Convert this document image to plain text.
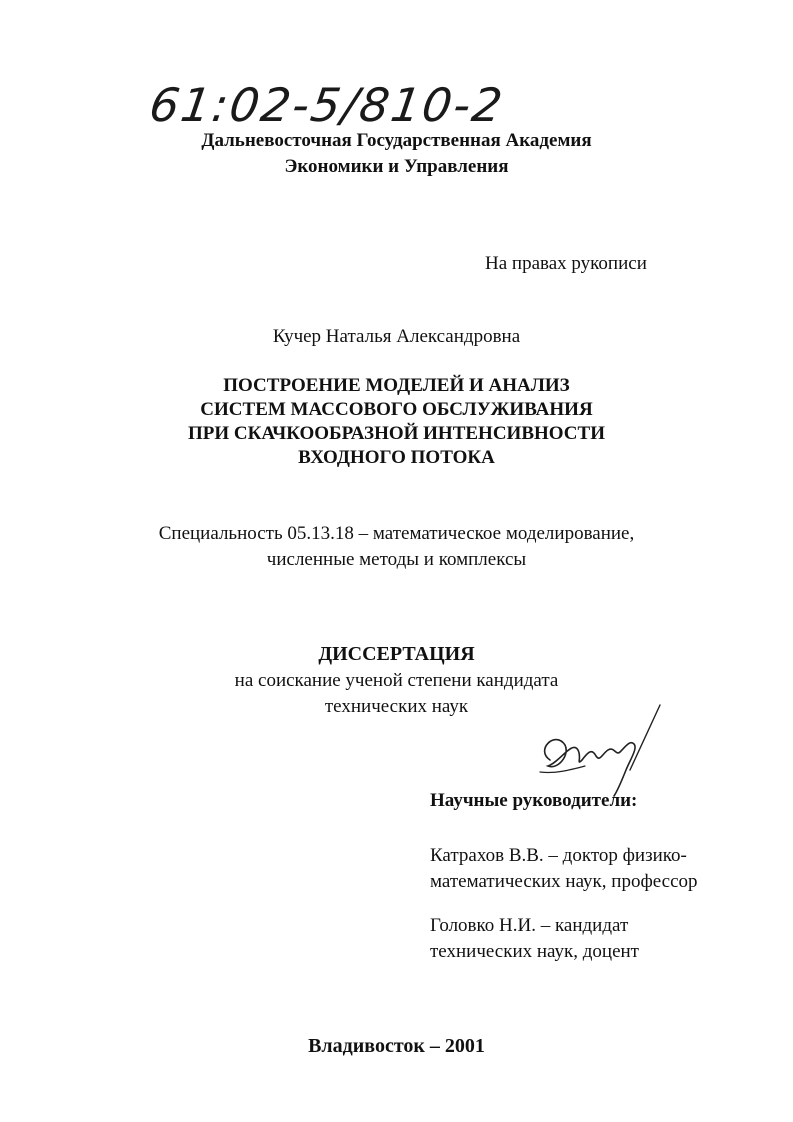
61:02-5/810-2
Дальневосточная Государственная Академия
Экономики и Управления
На правах рукописи
Кучер Наталья Александровна
ПОСТРОЕНИЕ МОДЕЛЕЙ И АНАЛИЗ
СИСТЕМ МАССОВОГО ОБСЛУЖИВАНИЯ
ПРИ СКАЧКООБРАЗНОЙ ИНТЕНСИВНОСТИ
ВХОДНОГО ПОТОКА
Специальность 05.13.18 – математическое моделирование,
численные методы и комплексы
ДИССЕРТАЦИЯ
на соискание ученой степени кандидата
технических наук
Научные руководители:
Катрахов В.В. – доктор физико-
математических наук, профессор
Головко Н.И. – кандидат
технических наук, доцент
Владивосток – 2001
